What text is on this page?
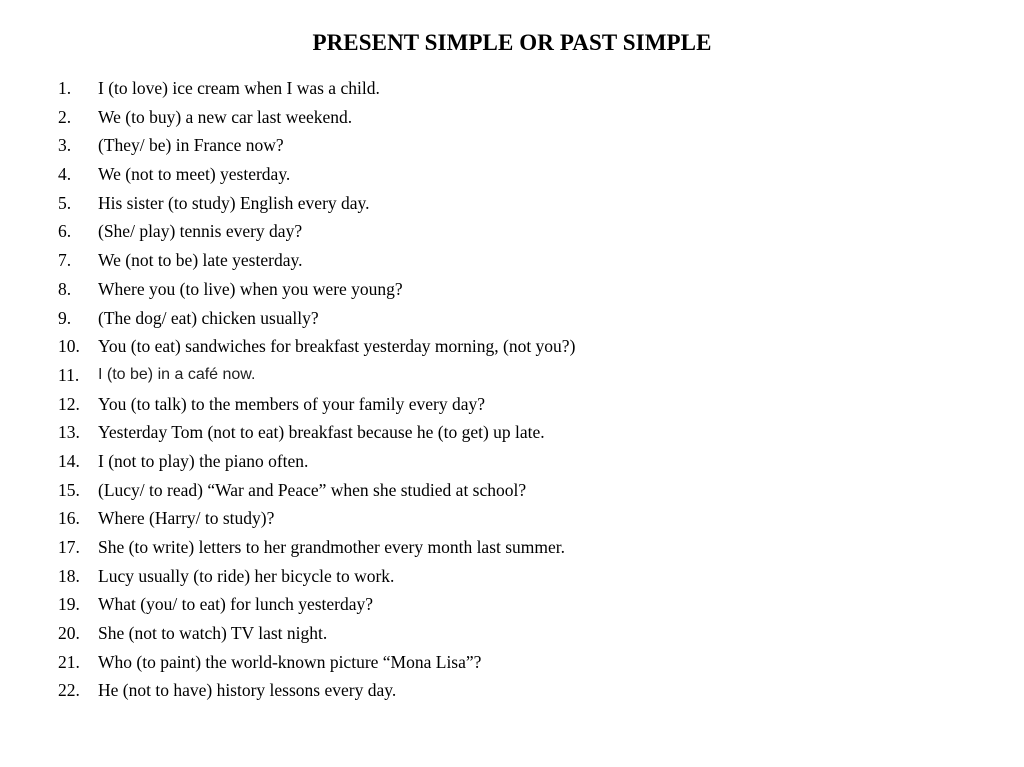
PRESENT SIMPLE OR PAST SIMPLE
1.	I (to love) ice cream when I was a child.
2.	We (to buy) a new car last weekend.
3.	(They/ be) in France now?
4.	We (not to meet) yesterday.
5.	His sister (to study) English every day.
6.	(She/ play) tennis every day?
7.	We (not to be) late yesterday.
8.	Where you (to live) when you were young?
9.	(The dog/ eat) chicken usually?
10.	You (to eat) sandwiches for breakfast yesterday morning, (not you?)
11.	I (to be) in a café now.
12.	You (to talk) to the members of your family every day?
13.	Yesterday Tom (not to eat) breakfast because he (to get) up late.
14.	I (not to play) the piano often.
15.	(Lucy/ to read) “War and Peace” when she studied at school?
16.	Where (Harry/ to study)?
17.	She (to write) letters to her grandmother every month last summer.
18.	Lucy usually (to ride) her bicycle to work.
19.	What (you/ to eat) for lunch yesterday?
20.	She (not to watch) TV last night.
21.	Who (to paint) the world-known picture “Mona Lisa”?
22.	He (not to have) history lessons every day.
